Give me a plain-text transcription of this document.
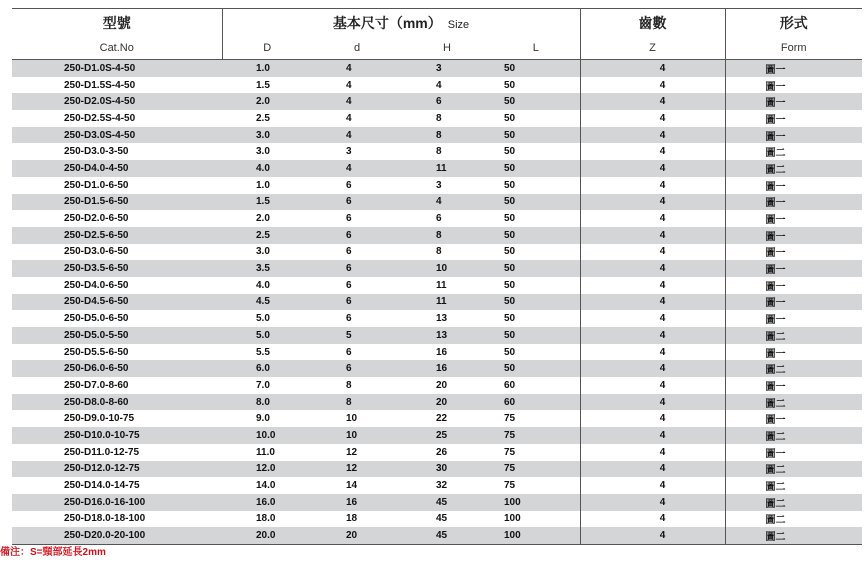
型號	基本尺寸（mm） Size				齒數	形式
Cat.No	D	d	H	L	Z	Form
250-D1.0S-4-50	1.0	4	3	50	4	圖一
250-D1.5S-4-50	1.5	4	4	50	4	圖一
250-D2.0S-4-50	2.0	4	6	50	4	圖一
250-D2.5S-4-50	2.5	4	8	50	4	圖一
250-D3.0S-4-50	3.0	4	8	50	4	圖一
250-D3.0-3-50	3.0	3	8	50	4	圖二
250-D4.0-4-50	4.0	4	11	50	4	圖二
250-D1.0-6-50	1.0	6	3	50	4	圖一
250-D1.5-6-50	1.5	6	4	50	4	圖一
250-D2.0-6-50	2.0	6	6	50	4	圖一
250-D2.5-6-50	2.5	6	8	50	4	圖一
250-D3.0-6-50	3.0	6	8	50	4	圖一
250-D3.5-6-50	3.5	6	10	50	4	圖一
250-D4.0-6-50	4.0	6	11	50	4	圖一
250-D4.5-6-50	4.5	6	11	50	4	圖一
250-D5.0-6-50	5.0	6	13	50	4	圖一
250-D5.0-5-50	5.0	5	13	50	4	圖二
250-D5.5-6-50	5.5	6	16	50	4	圖一
250-D6.0-6-50	6.0	6	16	50	4	圖二
250-D7.0-8-60	7.0	8	20	60	4	圖一
250-D8.0-8-60	8.0	8	20	60	4	圖二
250-D9.0-10-75	9.0	10	22	75	4	圖一
250-D10.0-10-75	10.0	10	25	75	4	圖二
250-D11.0-12-75	11.0	12	26	75	4	圖一
250-D12.0-12-75	12.0	12	30	75	4	圖二
250-D14.0-14-75	14.0	14	32	75	4	圖二
250-D16.0-16-100	16.0	16	45	100	4	圖二
250-D18.0-18-100	18.0	18	45	100	4	圖二
250-D20.0-20-100	20.0	20	45	100	4	圖二
備注：S=頸部延長2mm
